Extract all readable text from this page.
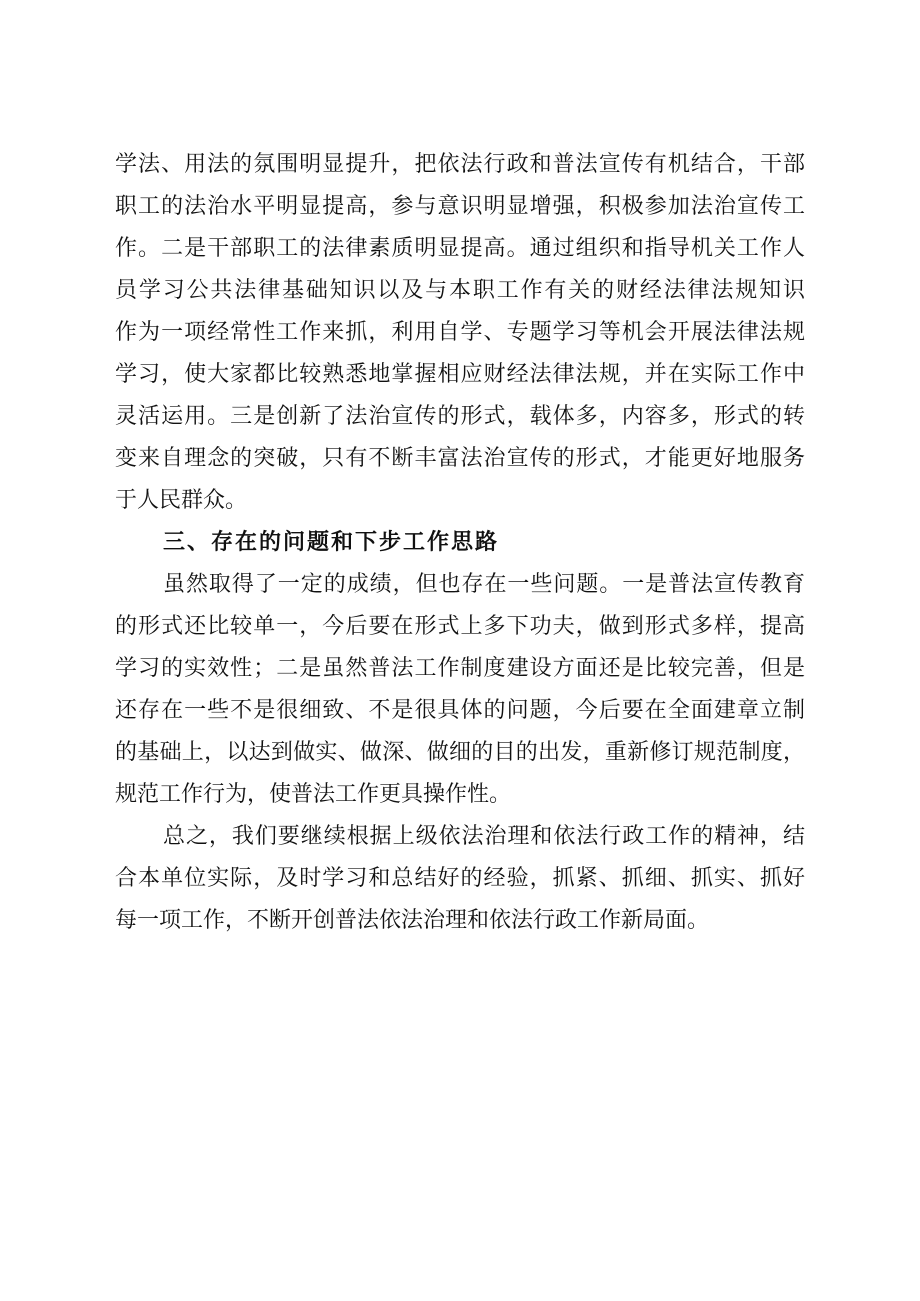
学法、用法的氛围明显提升，把依法行政和普法宣传有机结合，干部
职工的法治水平明显提高，参与意识明显增强，积极参加法治宣传工
作。二是干部职工的法律素质明显提高。通过组织和指导机关工作人
员学习公共法律基础知识以及与本职工作有关的财经法律法规知识
作为一项经常性工作来抓，利用自学、专题学习等机会开展法律法规
学习，使大家都比较熟悉地掌握相应财经法律法规，并在实际工作中
灵活运用。三是创新了法治宣传的形式，载体多，内容多，形式的转
变来自理念的突破，只有不断丰富法治宣传的形式，才能更好地服务
于人民群众。
三、存在的问题和下步工作思路
虽然取得了一定的成绩，但也存在一些问题。一是普法宣传教育
的形式还比较单一，今后要在形式上多下功夫，做到形式多样，提高
学习的实效性；二是虽然普法工作制度建设方面还是比较完善，但是
还存在一些不是很细致、不是很具体的问题，今后要在全面建章立制
的基础上，以达到做实、做深、做细的目的出发，重新修订规范制度，
规范工作行为，使普法工作更具操作性。
总之，我们要继续根据上级依法治理和依法行政工作的精神，结
合本单位实际，及时学习和总结好的经验，抓紧、抓细、抓实、抓好
每一项工作，不断开创普法依法治理和依法行政工作新局面。
